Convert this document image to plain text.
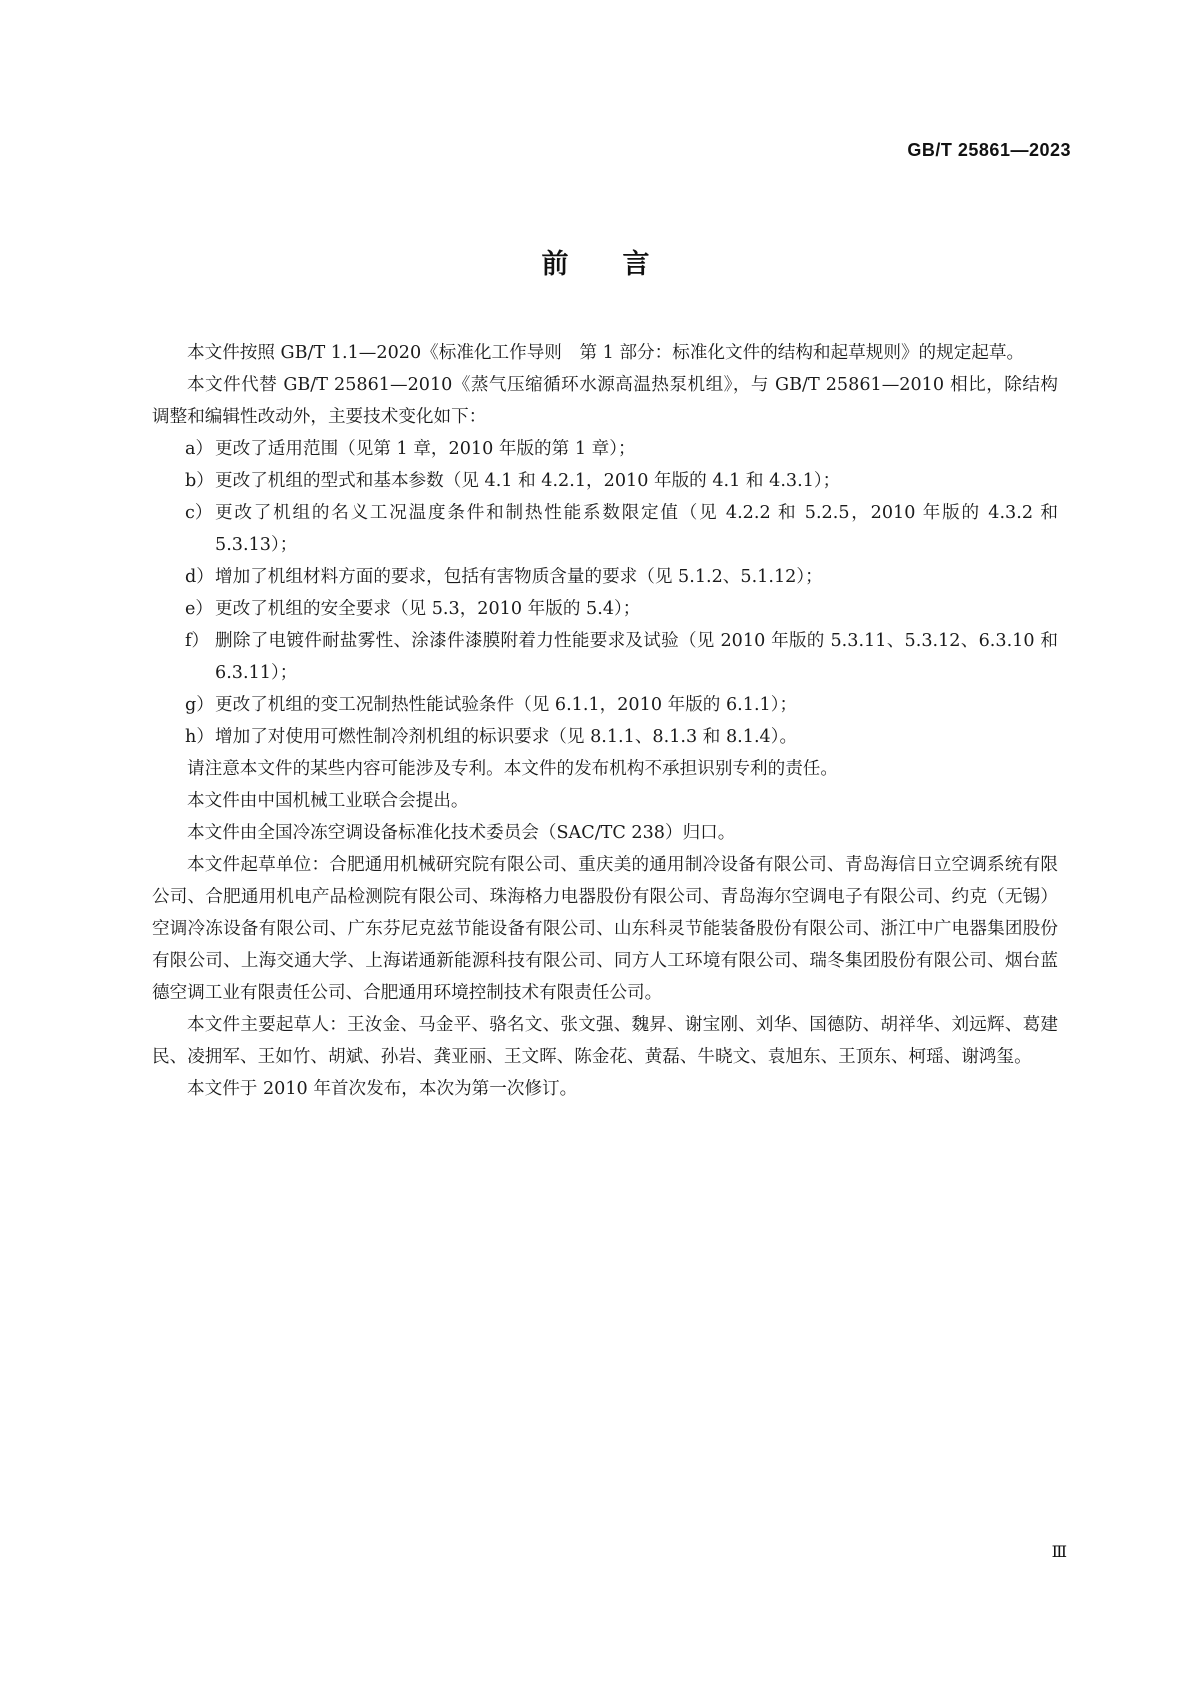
GB/T 25861—2023
前言

本文件按照 GB/T 1.1—2020《标准化工作导则　第 1 部分：标准化文件的结构和起草规则》的规定起草。

本文件代替 GB/T 25861—2010《蒸气压缩循环水源高温热泵机组》，与 GB/T 25861—2010 相比，除结构调整和编辑性改动外，主要技术变化如下：

a） 更改了适用范围（见第 1 章，2010 年版的第 1 章）；
b） 更改了机组的型式和基本参数（见 4.1 和 4.2.1，2010 年版的 4.1 和 4.3.1）；
c） 更改了机组的名义工况温度条件和制热性能系数限定值（见 4.2.2 和 5.2.5，2010 年版的 4.3.2 和 5.3.13）；
d） 增加了机组材料方面的要求，包括有害物质含量的要求（见 5.1.2、5.1.12）；
e） 更改了机组的安全要求（见 5.3，2010 年版的 5.4）；
f） 删除了电镀件耐盐雾性、涂漆件漆膜附着力性能要求及试验（见 2010 年版的 5.3.11、5.3.12、6.3.10 和 6.3.11）；
g） 更改了机组的变工况制热性能试验条件（见 6.1.1，2010 年版的 6.1.1）；
h） 增加了对使用可燃性制冷剂机组的标识要求（见 8.1.1、8.1.3 和 8.1.4）。

请注意本文件的某些内容可能涉及专利。本文件的发布机构不承担识别专利的责任。

本文件由中国机械工业联合会提出。

本文件由全国冷冻空调设备标准化技术委员会（SAC/TC 238）归口。

本文件起草单位：合肥通用机械研究院有限公司、重庆美的通用制冷设备有限公司、青岛海信日立空调系统有限公司、合肥通用机电产品检测院有限公司、珠海格力电器股份有限公司、青岛海尔空调电子有限公司、约克（无锡）空调冷冻设备有限公司、广东芬尼克兹节能设备有限公司、山东科灵节能装备股份有限公司、浙江中广电器集团股份有限公司、上海交通大学、上海诺通新能源科技有限公司、同方人工环境有限公司、瑞冬集团股份有限公司、烟台蓝德空调工业有限责任公司、合肥通用环境控制技术有限责任公司。

本文件主要起草人：王汝金、马金平、骆名文、张文强、魏昇、谢宝刚、刘华、国德防、胡祥华、刘远辉、葛建民、凌拥军、王如竹、胡斌、孙岩、龚亚丽、王文晖、陈金花、黄磊、牛晓文、袁旭东、王顶东、柯瑶、谢鸿玺。

本文件于 2010 年首次发布，本次为第一次修订。

Ⅲ
